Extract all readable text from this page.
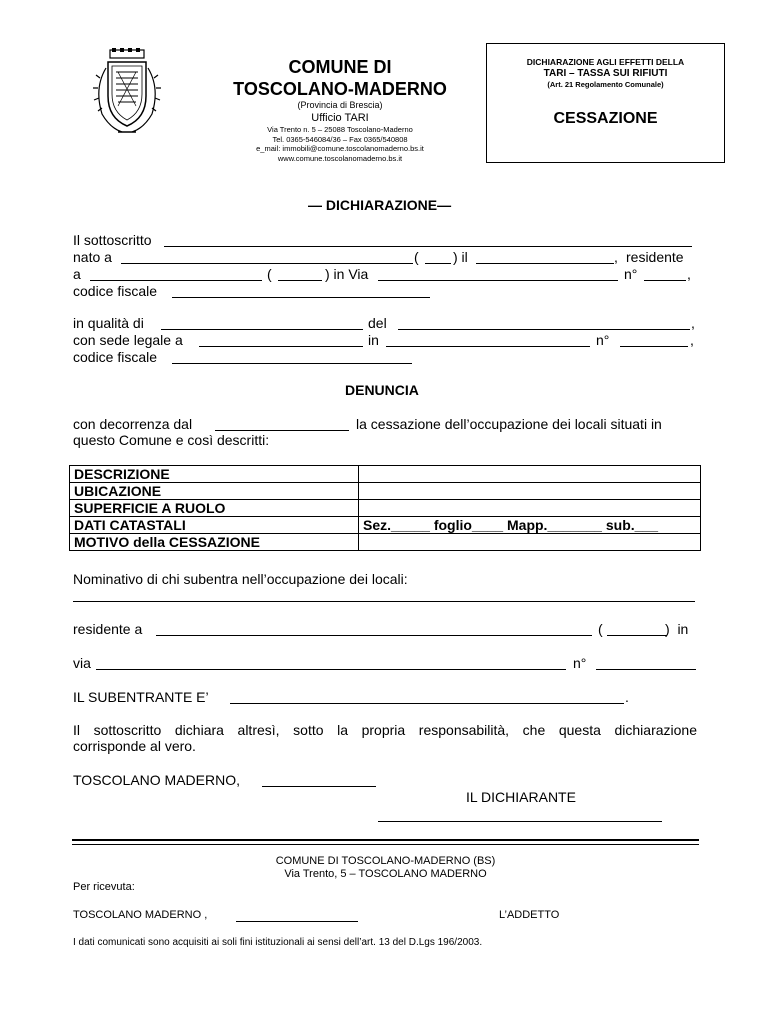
COMUNE DI
TOSCOLANO-MADERNO
(Provincia di Brescia)
Ufficio TARI
Via Trento n. 5 – 25088 Toscolano-Maderno
Tel. 0365-546084/36 – Fax 0365/540808
e_mail: immobili@comune.toscolanomaderno.bs.it
www.comune.toscolanomaderno.bs.it
DICHIARAZIONE AGLI EFFETTI DELLA
TARI – TASSA SUI RIFIUTI
(Art. 21 Regolamento Comunale)
CESSAZIONE
— DICHIARAZIONE—
Il sottoscritto
nato a	( ) il	, residente
a	(	) in Via	n°	,
codice fiscale
in qualità di	del	,
con sede legale a	in	n°	,
codice fiscale
DENUNCIA
con decorrenza dal	la cessazione dell’occupazione dei locali situati in
questo Comune e così descritti:
DESCRIZIONE	
UBICAZIONE	
SUPERFICIE A RUOLO	
DATI CATASTALI	Sez._____ foglio____ Mapp._______ sub.___
MOTIVO della CESSAZIONE	
Nominativo di chi subentra nell’occupazione dei locali:
residente a	(	)  in
via	n°
IL SUBENTRANTE E’	.
Il sottoscritto dichiara altresì, sotto la propria responsabilità, che questa dichiarazione
corrisponde al vero.
TOSCOLANO MADERNO,
IL DICHIARANTE
COMUNE DI TOSCOLANO-MADERNO (BS)
Via Trento, 5 – TOSCOLANO MADERNO
Per ricevuta:
TOSCOLANO MADERNO ,	L’ADDETTO
I dati comunicati sono acquisiti ai soli fini istituzionali ai sensi dell’art. 13 del D.Lgs 196/2003.
